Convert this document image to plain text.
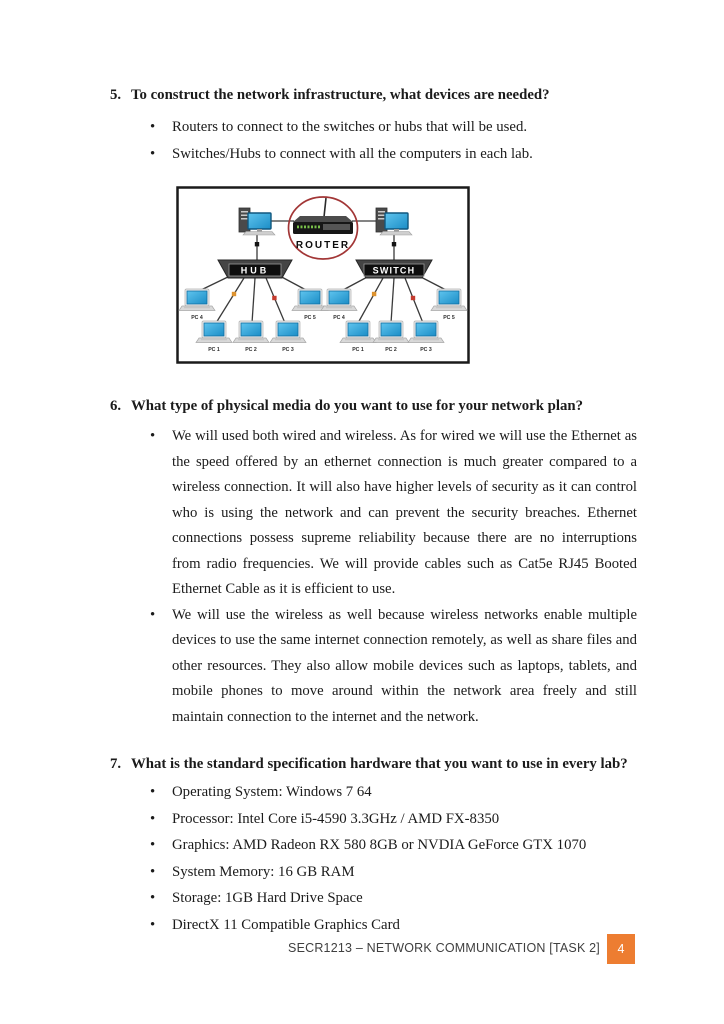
5. To construct the network infrastructure, what devices are needed?
•	Routers to connect to the switches or hubs that will be used.
•	Switches/Hubs to connect with all the computers in each lab.
ROUTER
HUB	SWITCH
PC 4	PC 5
PC 1	PC 2	PC 3
PC 4	PC 5
PC 1	PC 2	PC 3
6. What type of physical media do you want to use for your network plan?
•	We will used both wired and wireless. As for wired we will use the Ethernet as the speed offered by an ethernet connection is much greater compared to a wireless connection. It will also have higher levels of security as it can control who is using the network and can prevent the security breaches. Ethernet connections possess supreme reliability because there are no interruptions from radio frequencies. We will provide cables such as Cat5e RJ45 Booted Ethernet Cable as it is efficient to use.
•	We will use the wireless as well because wireless networks enable multiple devices to use the same internet connection remotely, as well as share files and other resources. They also allow mobile devices such as laptops, tablets, and mobile phones to move around within the network area freely and still maintain connection to the internet and the network.
7. What is the standard specification hardware that you want to use in every lab?
•	Operating System: Windows 7 64
•	Processor: Intel Core i5-4590 3.3GHz / AMD FX-8350
•	Graphics: AMD Radeon RX 580 8GB or NVDIA GeForce GTX 1070
•	System Memory: 16 GB RAM
•	Storage: 1GB Hard Drive Space
•	DirectX 11 Compatible Graphics Card
SECR1213 – NETWORK COMMUNICATION [TASK 2] 4
